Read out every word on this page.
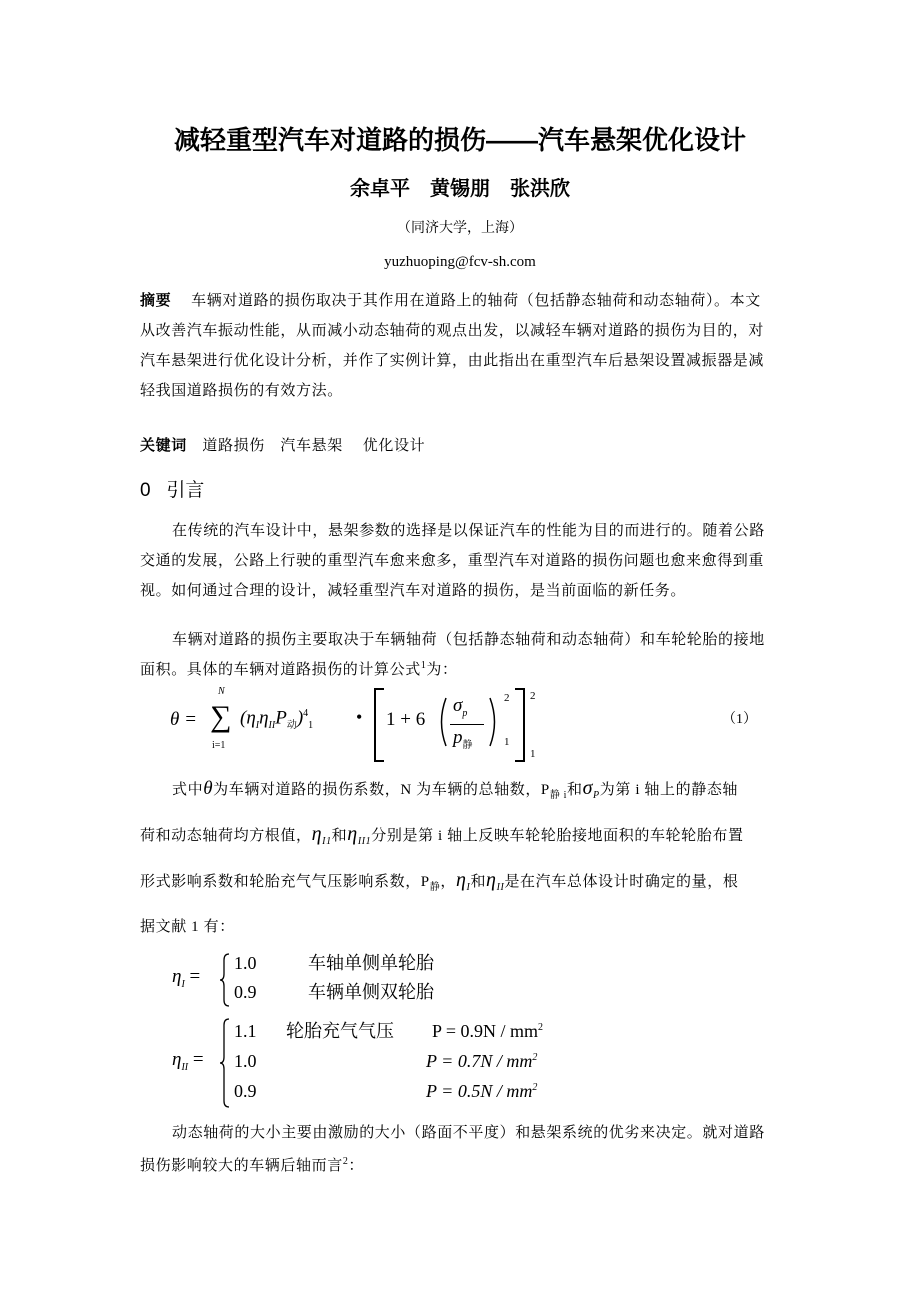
减轻重型汽车对道路的损伤——汽车悬架优化设计
余卓平　黄锡朋　张洪欣
（同济大学，上海）
yuzhuoping@fcv-sh.com
摘要　 车辆对道路的损伤取决于其作用在道路上的轴荷（包括静态轴荷和动态轴荷）。本文
从改善汽车振动性能，从而减小动态轴荷的观点出发，以减轻车辆对道路的损伤为目的，对
汽车悬架进行优化设计分析，并作了实例计算，由此指出在重型汽车后悬架设置减振器是减
轻我国道路损伤的有效方法。
关键词　 道路损伤　汽车悬架　 优化设计
0 引言
在传统的汽车设计中，悬架参数的选择是以保证汽车的性能为目的而进行的。随着公路
交通的发展，公路上行驶的重型汽车愈来愈多，重型汽车对道路的损伤问题也愈来愈得到重
视。如何通过合理的设计，减轻重型汽车对道路的损伤，是当前面临的新任务。
车辆对道路的损伤主要取决于车辆轴荷（包括静态轴荷和动态轴荷）和车轮轮胎的接地
面积。具体的车辆对道路损伤的计算公式$^1$为：
θ =
N
∑
i=1
$(\eta_I\eta_{II}P_动)^4_1$ • 1 + 6
$\sigma_p$
$p_静$
2
1
2
1
（1）
式中θ为车辆对道路的损伤系数，N 为车辆的总轴数，$P_{静 i}$和$\sigma_P$为第 i 轴上的静态轴
荷和动态轴荷均方根值，$\eta_{I1}$和$\eta_{II1}$分别是第 i 轴上反映车轮轮胎接地面积的车轮轮胎布置
形式影响系数和轮胎充气气压影响系数，$P_静$，$\eta_I$和$\eta_{II}$是在汽车总体设计时确定的量，根
据文献 1 有：
$\eta_I$ =
1.0	车轴单侧单轮胎
0.9	车辆单侧双轮胎
$\eta_{II}$ =
1.1 轮胎充气气压 $P = 0.9N / mm^2$
1.0	$P = 0.7N / mm^2$
0.9	$P = 0.5N / mm^2$
动态轴荷的大小主要由激励的大小（路面不平度）和悬架系统的优劣来决定。就对道路
损伤影响较大的车辆后轴而言$^2$：
